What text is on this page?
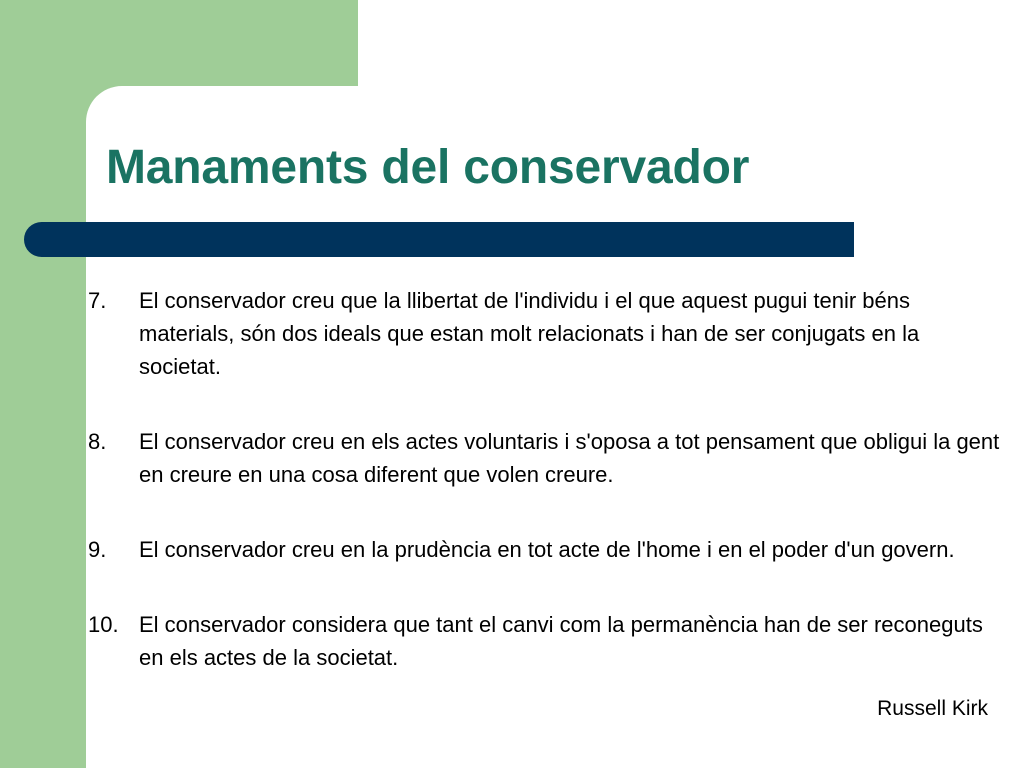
Manaments del conservador
7. El conservador creu que la llibertat de l'individu i el que aquest pugui tenir béns materials, són dos ideals que estan molt relacionats i han de ser conjugats en la societat.
8. El conservador creu en els actes voluntaris i s'oposa a tot pensament que obligui la gent en creure en una cosa diferent que volen creure.
9. El conservador creu en la prudència en tot acte de l'home i en el poder d'un govern.
10. El conservador considera que tant el canvi com la permanència han de ser reconeguts en els actes de la societat.
Russell Kirk
